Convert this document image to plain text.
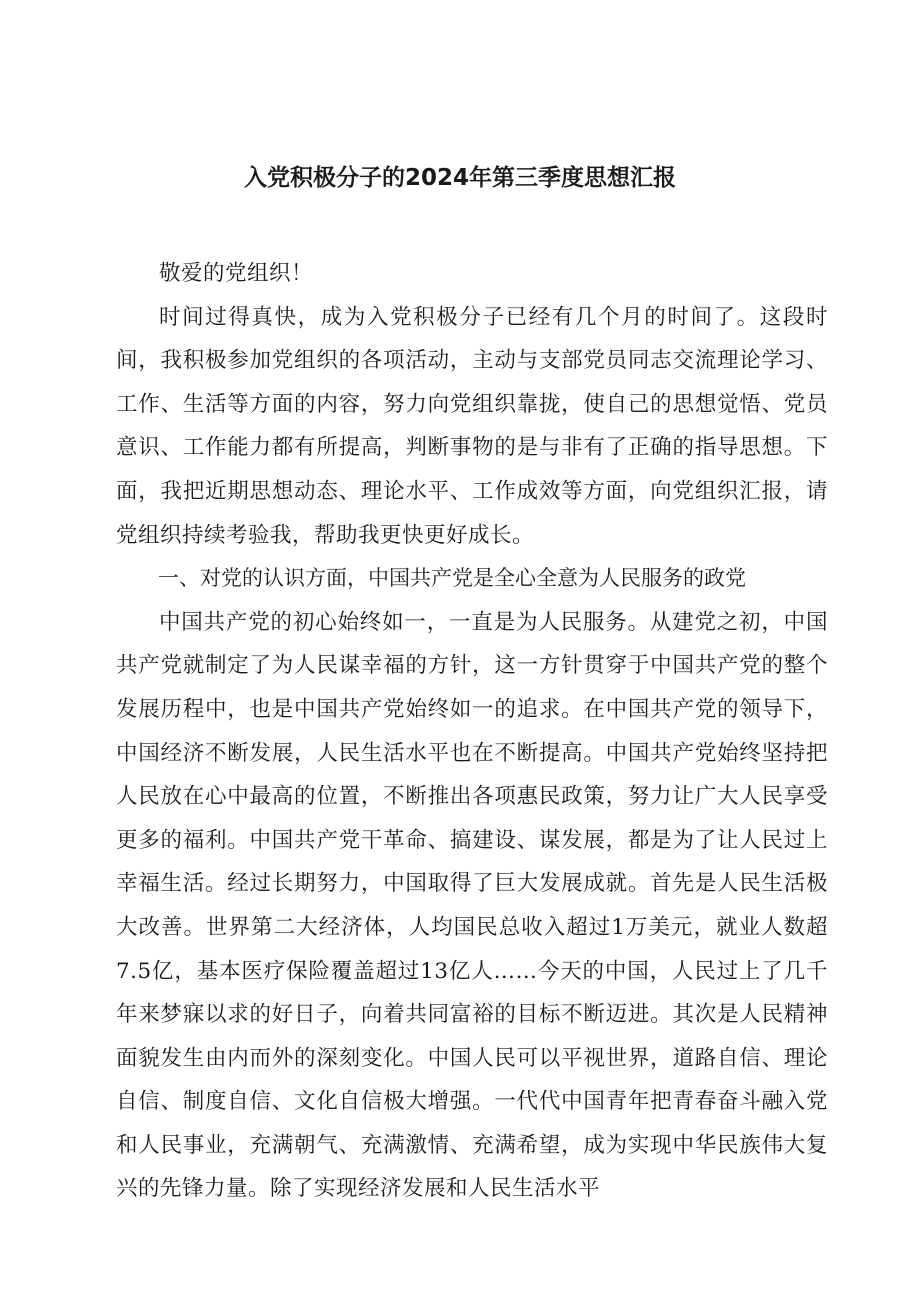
入党积极分子的2024年第三季度思想汇报

敬爱的党组织！

时间过得真快，成为入党积极分子已经有几个月的时间了。这段时间，我积极参加党组织的各项活动，主动与支部党员同志交流理论学习、工作、生活等方面的内容，努力向党组织靠拢，使自己的思想觉悟、党员意识、工作能力都有所提高，判断事物的是与非有了正确的指导思想。下面，我把近期思想动态、理论水平、工作成效等方面，向党组织汇报，请党组织持续考验我，帮助我更快更好成长。

一、对党的认识方面，中国共产党是全心全意为人民服务的政党

中国共产党的初心始终如一，一直是为人民服务。从建党之初，中国共产党就制定了为人民谋幸福的方针，这一方针贯穿于中国共产党的整个发展历程中，也是中国共产党始终如一的追求。在中国共产党的领导下，中国经济不断发展，人民生活水平也在不断提高。中国共产党始终坚持把人民放在心中最高的位置，不断推出各项惠民政策，努力让广大人民享受更多的福利。中国共产党干革命、搞建设、谋发展，都是为了让人民过上幸福生活。经过长期努力，中国取得了巨大发展成就。首先是人民生活极大改善。世界第二大经济体，人均国民总收入超过1万美元，就业人数超7.5亿，基本医疗保险覆盖超过13亿人……今天的中国，人民过上了几千年来梦寐以求的好日子，向着共同富裕的目标不断迈进。其次是人民精神面貌发生由内而外的深刻变化。中国人民可以平视世界，道路自信、理论自信、制度自信、文化自信极大增强。一代代中国青年把青春奋斗融入党和人民事业，充满朝气、充满激情、充满希望，成为实现中华民族伟大复兴的先锋力量。除了实现经济发展和人民生活水平
